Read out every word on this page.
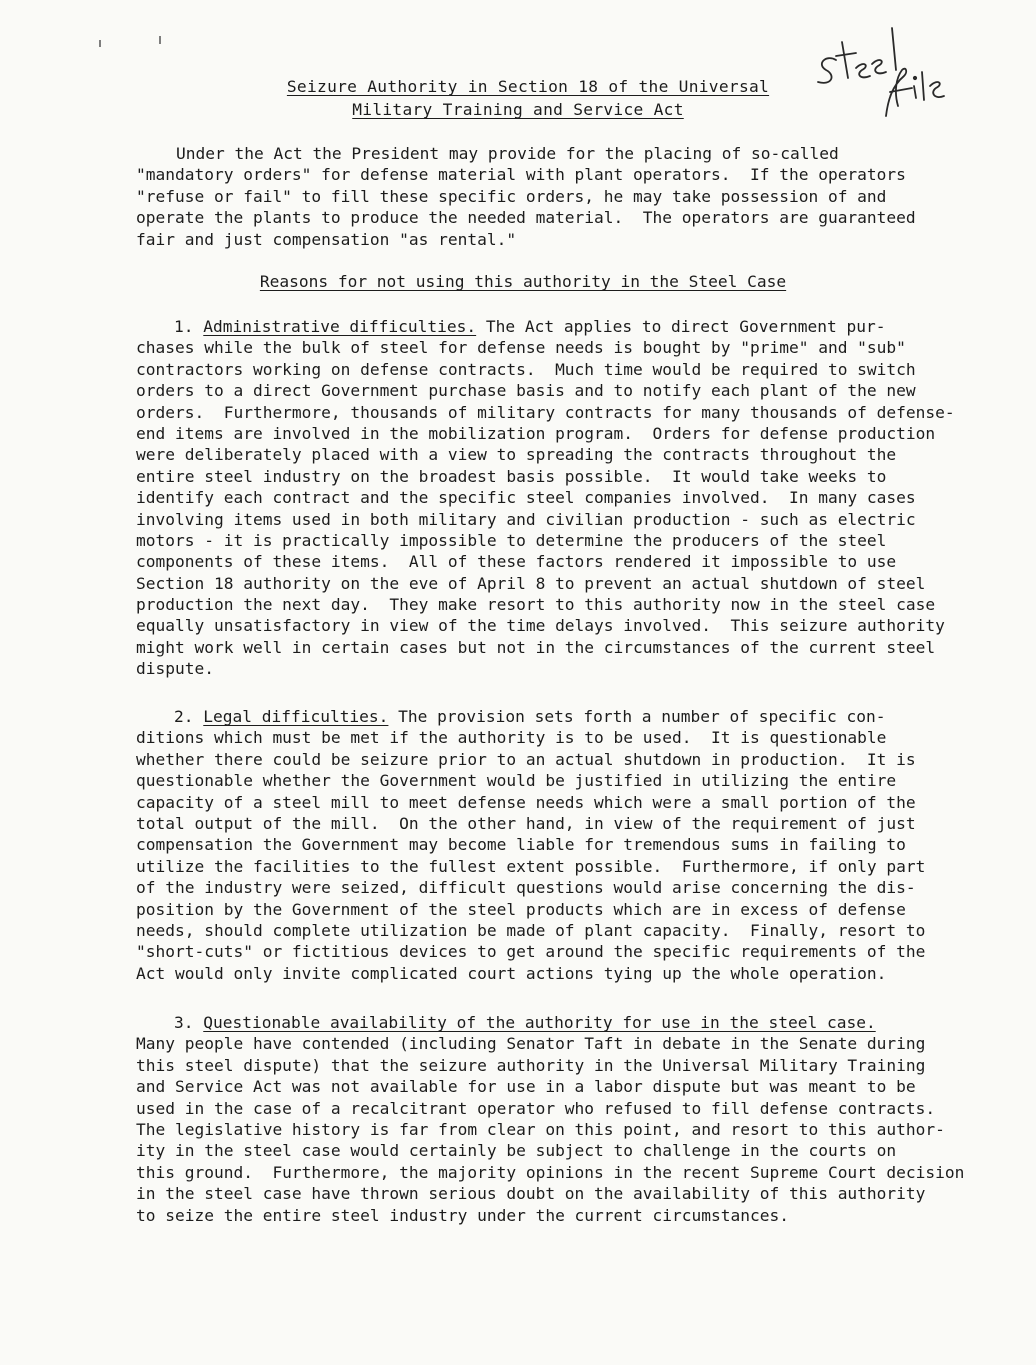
Seizure Authority in Section 18 of the Universal
Military Training and Service Act
Under the Act the President may provide for the placing of so-called
"mandatory orders" for defense material with plant operators.  If the operators
"refuse or fail" to fill these specific orders, he may take possession of and
operate the plants to produce the needed material.  The operators are guaranteed
fair and just compensation "as rental."
Reasons for not using this authority in the Steel Case
1. Administrative difficulties. The Act applies to direct Government pur-
chases while the bulk of steel for defense needs is bought by "prime" and "sub"
contractors working on defense contracts.  Much time would be required to switch
orders to a direct Government purchase basis and to notify each plant of the new
orders.  Furthermore, thousands of military contracts for many thousands of defense-
end items are involved in the mobilization program.  Orders for defense production
were deliberately placed with a view to spreading the contracts throughout the
entire steel industry on the broadest basis possible.  It would take weeks to
identify each contract and the specific steel companies involved.  In many cases
involving items used in both military and civilian production - such as electric
motors - it is practically impossible to determine the producers of the steel
components of these items.  All of these factors rendered it impossible to use
Section 18 authority on the eve of April 8 to prevent an actual shutdown of steel
production the next day.  They make resort to this authority now in the steel case
equally unsatisfactory in view of the time delays involved.  This seizure authority
might work well in certain cases but not in the circumstances of the current steel
dispute.
2. Legal difficulties. The provision sets forth a number of specific con-
ditions which must be met if the authority is to be used.  It is questionable
whether there could be seizure prior to an actual shutdown in production.  It is
questionable whether the Government would be justified in utilizing the entire
capacity of a steel mill to meet defense needs which were a small portion of the
total output of the mill.  On the other hand, in view of the requirement of just
compensation the Government may become liable for tremendous sums in failing to
utilize the facilities to the fullest extent possible.  Furthermore, if only part
of the industry were seized, difficult questions would arise concerning the dis-
position by the Government of the steel products which are in excess of defense
needs, should complete utilization be made of plant capacity.  Finally, resort to
"short-cuts" or fictitious devices to get around the specific requirements of the
Act would only invite complicated court actions tying up the whole operation.
3. Questionable availability of the authority for use in the steel case.
Many people have contended (including Senator Taft in debate in the Senate during
this steel dispute) that the seizure authority in the Universal Military Training
and Service Act was not available for use in a labor dispute but was meant to be
used in the case of a recalcitrant operator who refused to fill defense contracts.
The legislative history is far from clear on this point, and resort to this author-
ity in the steel case would certainly be subject to challenge in the courts on
this ground.  Furthermore, the majority opinions in the recent Supreme Court decision
in the steel case have thrown serious doubt on the availability of this authority
to seize the entire steel industry under the current circumstances.
